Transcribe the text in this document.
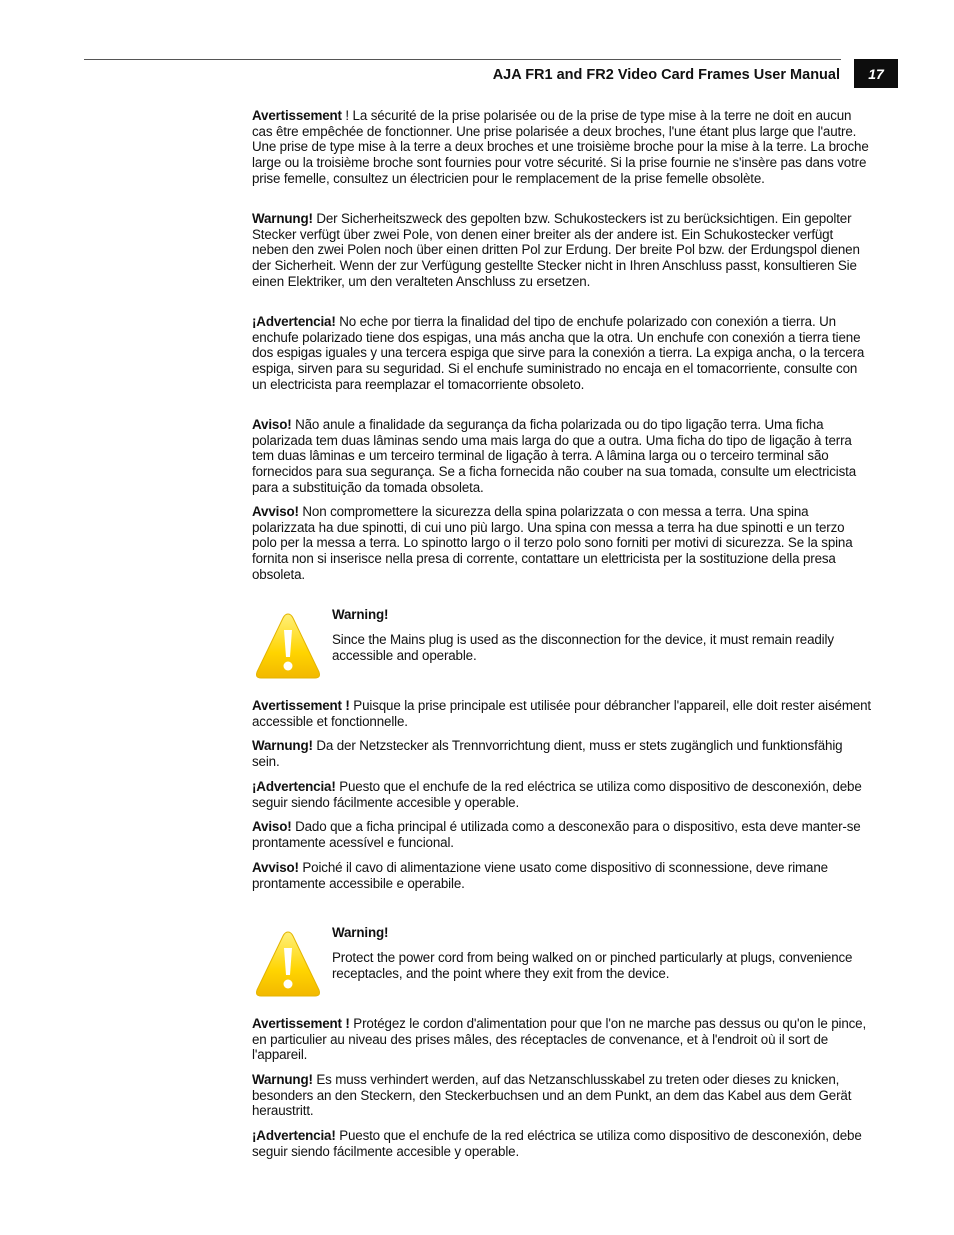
AJA FR1 and FR2 Video Card Frames User Manual	17
Avertissement ! La sécurité de la prise polarisée ou de la prise de type mise à la terre ne doit en aucun cas être empêchée de fonctionner. Une prise polarisée a deux broches, l'une étant plus large que l'autre. Une prise de type mise à la terre a deux broches et une troisième broche pour la mise à la terre. La broche large ou la troisième broche sont fournies pour votre sécurité. Si la prise fournie ne s'insère pas dans votre prise femelle, consultez un électricien pour le remplacement de la prise femelle obsolète.
Warnung! Der Sicherheitszweck des gepolten bzw. Schukosteckers ist zu berücksichtigen. Ein gepolter Stecker verfügt über zwei Pole, von denen einer breiter als der andere ist. Ein Schukostecker verfügt neben den zwei Polen noch über einen dritten Pol zur Erdung. Der breite Pol bzw. der Erdungspol dienen der Sicherheit. Wenn der zur Verfügung gestellte Stecker nicht in Ihren Anschluss passt, konsultieren Sie einen Elektriker, um den veralteten Anschluss zu ersetzen.
¡Advertencia! No eche por tierra la finalidad del tipo de enchufe polarizado con conexión a tierra. Un enchufe polarizado tiene dos espigas, una más ancha que la otra. Un enchufe con conexión a tierra tiene dos espigas iguales y una tercera espiga que sirve para la conexión a tierra. La expiga ancha, o la tercera espiga, sirven para su seguridad. Si el enchufe suministrado no encaja en el tomacorriente, consulte con un electricista para reemplazar el tomacorriente obsoleto.
Aviso! Não anule a finalidade da segurança da ficha polarizada ou do tipo ligação terra. Uma ficha polarizada tem duas lâminas sendo uma mais larga do que a outra. Uma ficha do tipo de ligação à terra tem duas lâminas e um terceiro terminal de ligação à terra. A lâmina larga ou o terceiro terminal são fornecidos para sua segurança. Se a ficha fornecida não couber na sua tomada, consulte um electricista para a substituição da tomada obsoleta.
Avviso! Non compromettere la sicurezza della spina polarizzata o con messa a terra. Una spina polarizzata ha due spinotti, di cui uno più largo. Una spina con messa a terra ha due spinotti e un terzo polo per la messa a terra. Lo spinotto largo o il terzo polo sono forniti per motivi di sicurezza. Se la spina fornita non si inserisce nella presa di corrente, contattare un elettricista per la sostituzione della presa obsoleta.
Warning!
Since the Mains plug is used as the disconnection for the device, it must remain readily accessible and operable.
Avertissement ! Puisque la prise principale est utilisée pour débrancher l'appareil, elle doit rester aisément accessible et fonctionnelle.
Warnung! Da der Netzstecker als Trennvorrichtung dient, muss er stets zugänglich und funktionsfähig sein.
¡Advertencia! Puesto que el enchufe de la red eléctrica se utiliza como dispositivo de desconexión, debe seguir siendo fácilmente accesible y operable.
Aviso! Dado que a ficha principal é utilizada como a desconexão para o dispositivo, esta deve manter-se prontamente acessível e funcional.
Avviso! Poiché il cavo di alimentazione viene usato come dispositivo di sconnessione, deve rimane prontamente accessibile e operabile.
Warning!
Protect the power cord from being walked on or pinched particularly at plugs, convenience receptacles, and the point where they exit from the device.
Avertissement ! Protégez le cordon d'alimentation pour que l'on ne marche pas dessus ou qu'on le pince, en particulier au niveau des prises mâles, des réceptacles de convenance, et à l'endroit où il sort de l'appareil.
Warnung! Es muss verhindert werden, auf das Netzanschlusskabel zu treten oder dieses zu knicken, besonders an den Steckern, den Steckerbuchsen und an dem Punkt, an dem das Kabel aus dem Gerät heraustritt.
¡Advertencia! Puesto que el enchufe de la red eléctrica se utiliza como dispositivo de desconexión, debe seguir siendo fácilmente accesible y operable.
